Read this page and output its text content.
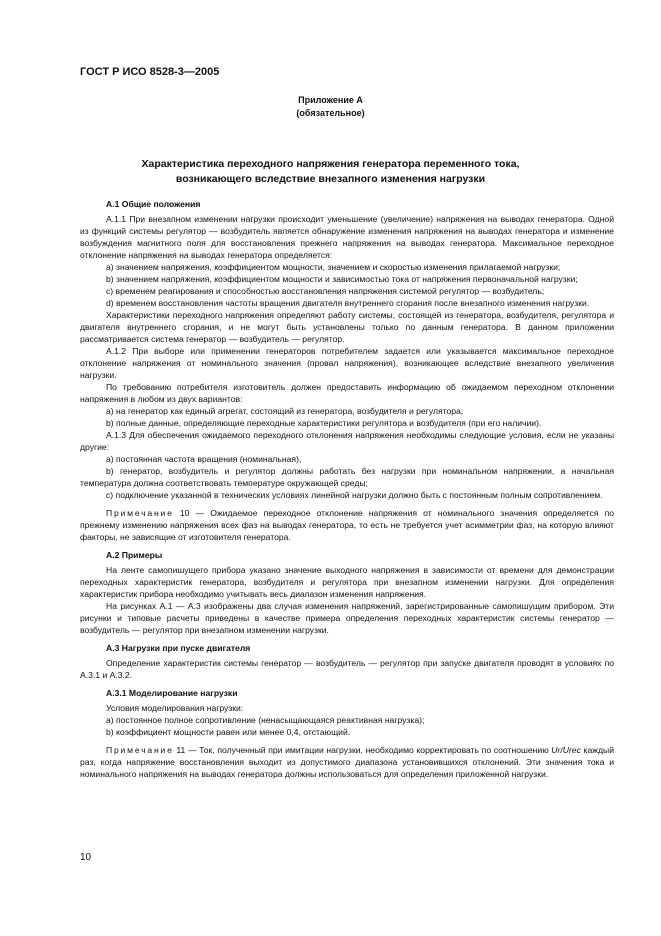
ГОСТ Р ИСО 8528-3—2005
Приложение А
(обязательное)
Характеристика переходного напряжения генератора переменного тока,
возникающего вследствие внезапного изменения нагрузки
А.1 Общие положения

А.1.1 При внезапном изменении нагрузки происходит уменьшение (увеличение) напряжения на выводах генератора. Одной из функций системы регулятор — возбудитель является обнаружение изменения напряжения на выводах генератора и изменение возбуждения магнитного поля для восстановления прежнего напряжения на выводах генератора. Максимальное переходное отклонение напряжения на выводах генератора определяется:

a) значением напряжения, коэффициентом мощности, значением и скоростью изменения прилагаемой нагрузки;

b) значением напряжения, коэффициентом мощности и зависимостью тока от напряжения первоначальной нагрузки;

c) временем реагирования и способностью восстановления напряжения системой регулятор — возбудитель;

d) временем восстановления частоты вращения двигателя внутреннего сгорания после внезапного изменения нагрузки.

Характеристики переходного напряжения определяют работу системы, состоящей из генератора, возбудителя, регулятора и двигателя внутреннего сгорания, и не могут быть установлены только по данным генератора. В данном приложении рассматривается система генератор — возбудитель — регулятор.

А.1.2 При выборе или применении генераторов потребителем задается или указывается максимальное переходное отклонение напряжения от номинального значения (провал напряжения), возникающее вследствие внезапного увеличения нагрузки.

По требованию потребителя изготовитель должен предоставить информацию об ожидаемом переходном отклонении напряжения в любом из двух вариантов:

a) на генератор как единый агрегат, состоящий из генератора, возбудителя и регулятора;

b) полные данные, определяющие переходные характеристики регулятора и возбудителя (при его наличии).

А.1.3 Для обеспечения ожидаемого переходного отклонения напряжения необходимы следующие условия, если не указаны другие:

a) постоянная частота вращения (номинальная),

b) генератор, возбудитель и регулятор должны работать без нагрузки при номинальном напряжении, а начальная температура должна соответствовать температуре окружающей среды;

c) подключение указанной в технических условиях линейной нагрузки должно быть с постоянным полным сопротивлением.

Примечание 10 — Ожидаемое переходное отклонение напряжения от номинального значения определяется по прежнему изменению напряжения всех фаз на выводах генератора, то есть не требуется учет асимметрии фаз, на которую влияют факторы, не зависящие от изготовителя генератора.

А.2 Примеры

На ленте самопишущего прибора указано значение выходного напряжения в зависимости от времени для демонстрации переходных характеристик генератора, возбудителя и регулятора при внезапном изменении нагрузки. Для определения характеристик прибора необходимо учитывать весь диапазон изменения напряжения.

На рисунках А.1 — А.3 изображены два случая изменения напряжений, зарегистрированные самопишущим прибором. Эти рисунки и типовые расчеты приведены в качестве примера определения переходных характеристик системы генератор — возбудитель — регулятор при внезапном изменении нагрузки.

А.3 Нагрузки при пуске двигателя

Определение характеристик системы генератор — возбудитель — регулятор при запуске двигателя проводят в условиях по А.3.1 и А.3.2.

А.3.1 Моделирование нагрузки

Условия моделирования нагрузки:

a) постоянное полное сопротивление (ненасыщающаяся реактивная нагрузка);

b) коэффициент мощности равен или менее 0,4, отстающий.

Примечание 11 — Ток, полученный при имитации нагрузки, необходимо корректировать по соотношению Ur/Urec каждый раз, когда напряжение восстановления выходит из допустимого диапазона установившихся отклонений. Эти значения тока и номинального напряжения на выводах генератора должны использоваться для определения приложенной нагрузки.

10
